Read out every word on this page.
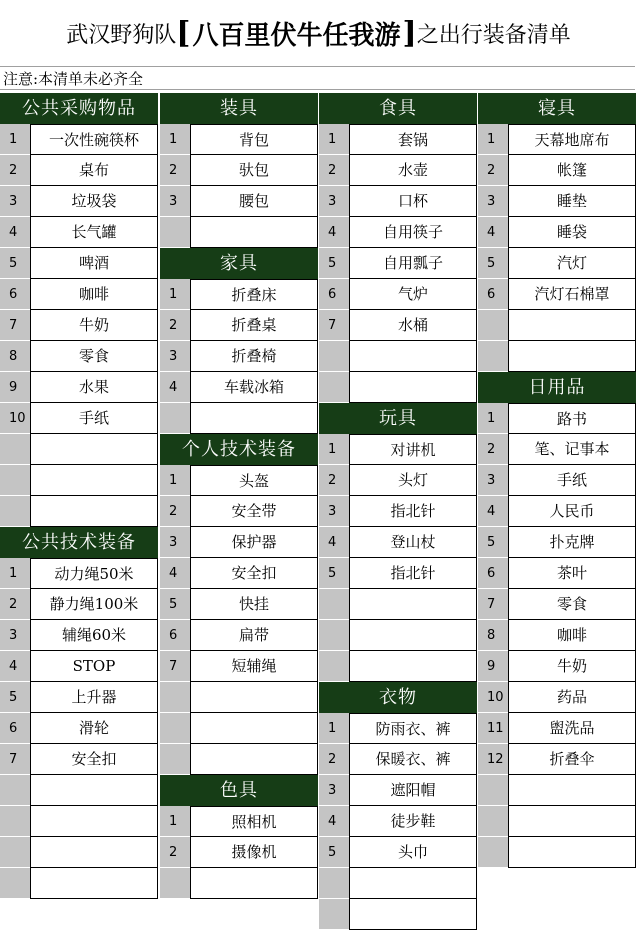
武汉野狗队 [ 八百里伏牛任我游 ] 之出行装备清单
注意:本清单未必齐全
公共采购物品
1	一次性碗筷杯
2	桌布
3	垃圾袋
4	长气罐
5	啤酒
6	咖啡
7	牛奶
8	零食
9	水果
10	手纸
公共技术装备
1	动力绳50米
2	静力绳100米
3	辅绳60米
4	STOP
5	上升器
6	滑轮
7	安全扣
装具
1	背包
2	驮包
3	腰包
家具
1	折叠床
2	折叠桌
3	折叠椅
4	车载冰箱
个人技术装备
1	头盔
2	安全带
3	保护器
4	安全扣
5	快挂
6	扁带
7	短辅绳
色具
1	照相机
2	摄像机
食具
1	套锅
2	水壶
3	口杯
4	自用筷子
5	自用瓢子
6	气炉
7	水桶
玩具
1	对讲机
2	头灯
3	指北针
4	登山杖
5	指北针
衣物
1	防雨衣、裤
2	保暖衣、裤
3	遮阳帽
4	徒步鞋
5	头巾
寝具
1	天幕地席布
2	帐篷
3	睡垫
4	睡袋
5	汽灯
6	汽灯石棉罩
日用品
1	路书
2	笔、记事本
3	手纸
4	人民币
5	扑克牌
6	茶叶
7	零食
8	咖啡
9	牛奶
10	药品
11	盥洗品
12	折叠伞
